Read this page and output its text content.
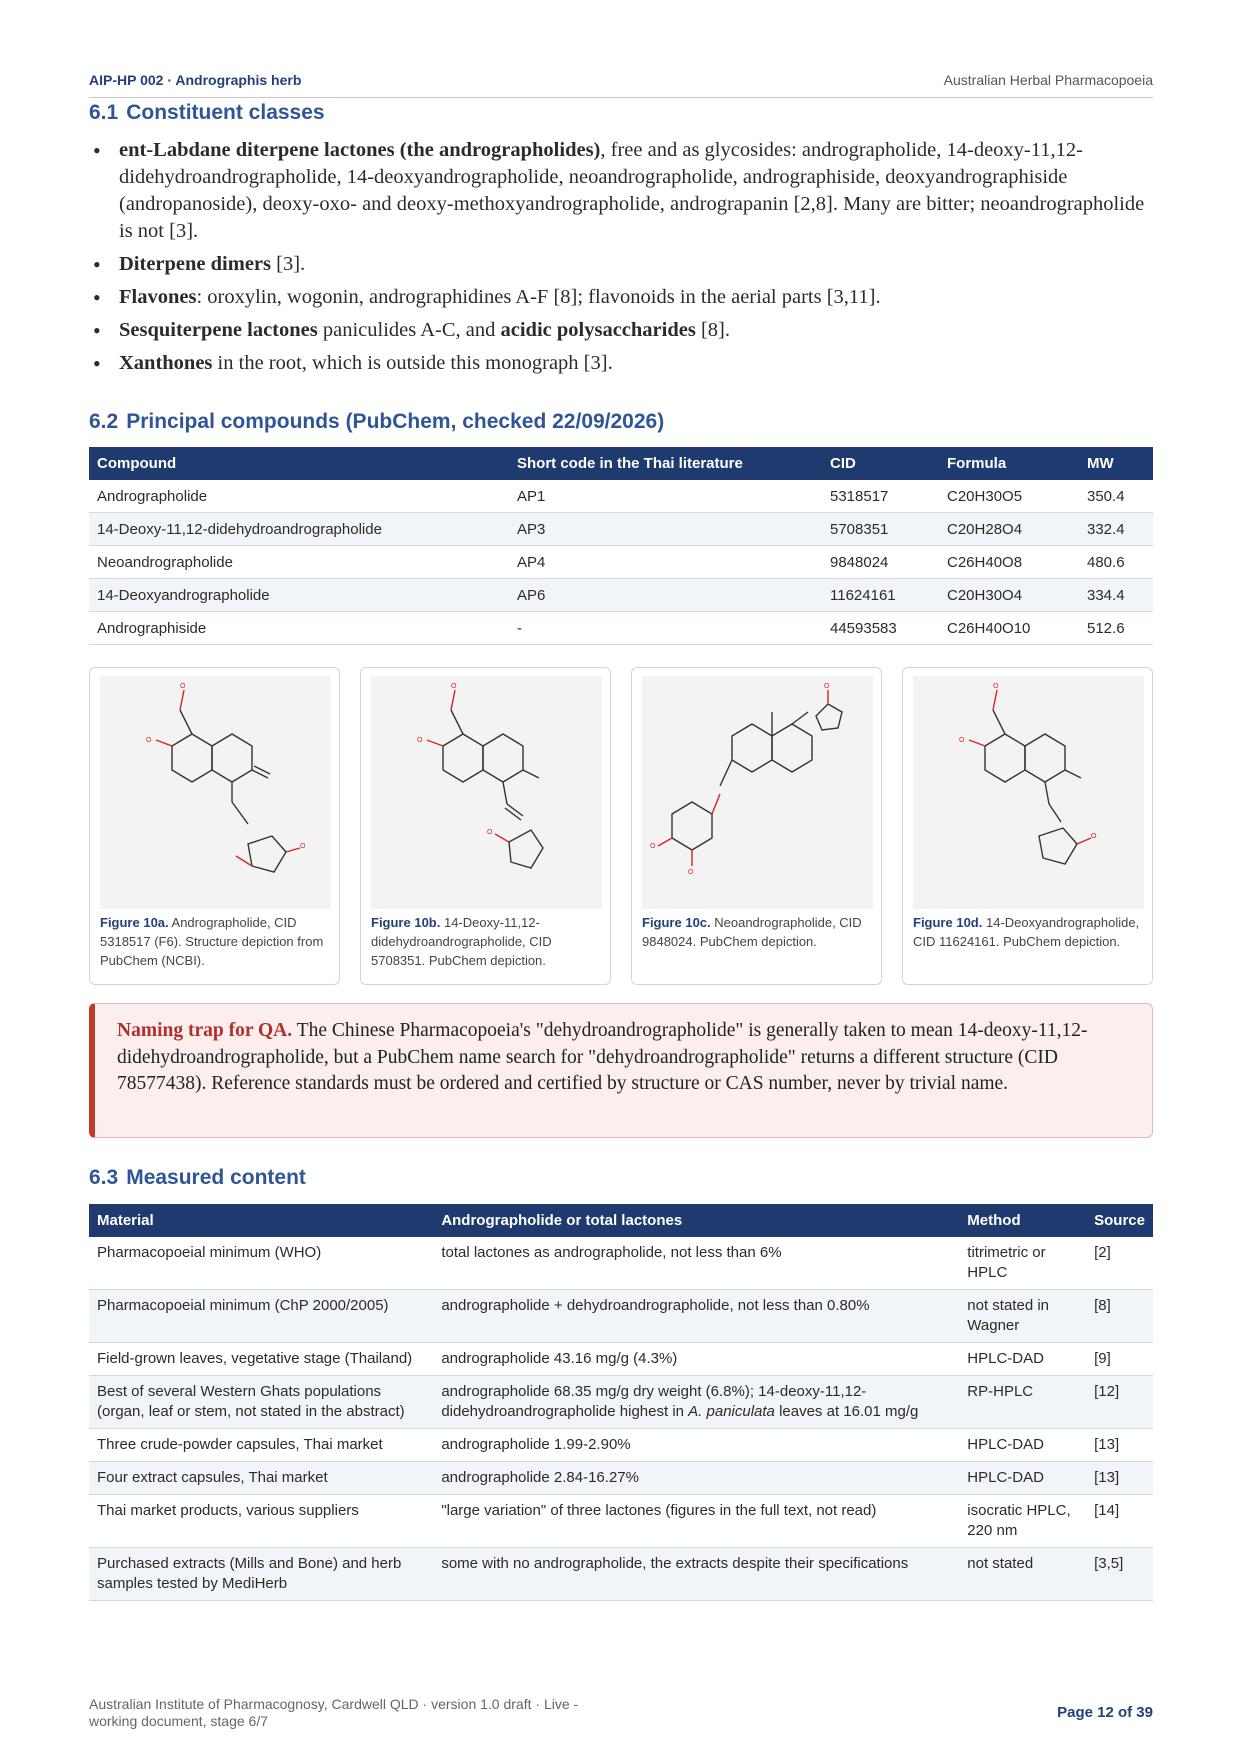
AIP-HP 002 · Andrographis herb	Australian Herbal Pharmacopoeia
6.1 Constituent classes
• ent-Labdane diterpene lactones (the andrographolides), free and as glycosides: andrographolide, 14-deoxy-11,12-didehydroandrographolide, 14-deoxyandrographolide, neoandrographolide, andrographiside, deoxyandrographiside (andropanoside), deoxy-oxo- and deoxy-methoxyandrographolide, andrograpanin [2,8]. Many are bitter; neoandrographolide is not [3].
• Diterpene dimers [3].
• Flavones: oroxylin, wogonin, andrographidines A-F [8]; flavonoids in the aerial parts [3,11].
• Sesquiterpene lactones paniculides A-C, and acidic polysaccharides [8].
• Xanthones in the root, which is outside this monograph [3].
6.2 Principal compounds (PubChem, checked 22/09/2026)
Compound	Short code in the Thai literature	CID	Formula	MW
Andrographolide	AP1	5318517	C20H30O5	350.4
14-Deoxy-11,12-didehydroandrographolide	AP3	5708351	C20H28O4	332.4
Neoandrographolide	AP4	9848024	C26H40O8	480.6
14-Deoxyandrographolide	AP6	11624161	C20H30O4	334.4
Andrographiside	-	44593583	C26H40O10	512.6
O
O
O
Figure 10a. Andrographolide, CID 5318517 (F6). Structure depiction from PubChem (NCBI).
O
O
O
Figure 10b. 14-Deoxy-11,12-didehydroandrographolide, CID 5708351. PubChem depiction.
O
O
O
Figure 10c. Neoandrographolide, CID 9848024. PubChem depiction.
O
O
O
Figure 10d. 14-Deoxyandrographolide, CID 11624161. PubChem depiction.
Naming trap for QA. The Chinese Pharmacopoeia's "dehydroandrographolide" is generally taken to mean 14-deoxy-11,12-didehydroandrographolide, but a PubChem name search for "dehydroandrographolide" returns a different structure (CID 78577438). Reference standards must be ordered and certified by structure or CAS number, never by trivial name.
6.3 Measured content
Material	Andrographolide or total lactones	Method	Source
Pharmacopoeial minimum (WHO)	total lactones as andrographolide, not less than 6%	titrimetric or HPLC	[2]
Pharmacopoeial minimum (ChP 2000/2005)	andrographolide + dehydroandrographolide, not less than 0.80%	not stated in Wagner	[8]
Field-grown leaves, vegetative stage (Thailand)	andrographolide 43.16 mg/g (4.3%)	HPLC-DAD	[9]
Best of several Western Ghats populations (organ, leaf or stem, not stated in the abstract)	andrographolide 68.35 mg/g dry weight (6.8%); 14-deoxy-11,12-didehydroandrographolide highest in A. paniculata leaves at 16.01 mg/g	RP-HPLC	[12]
Three crude-powder capsules, Thai market	andrographolide 1.99-2.90%	HPLC-DAD	[13]
Four extract capsules, Thai market	andrographolide 2.84-16.27%	HPLC-DAD	[13]
Thai market products, various suppliers	"large variation" of three lactones (figures in the full text, not read)	isocratic HPLC, 220 nm	[14]
Purchased extracts (Mills and Bone) and herb samples tested by MediHerb	some with no andrographolide, the extracts despite their specifications	not stated	[3,5]
Australian Institute of Pharmacognosy, Cardwell QLD · version 1.0 draft · Live - working document, stage 6/7	Page 12 of 39
